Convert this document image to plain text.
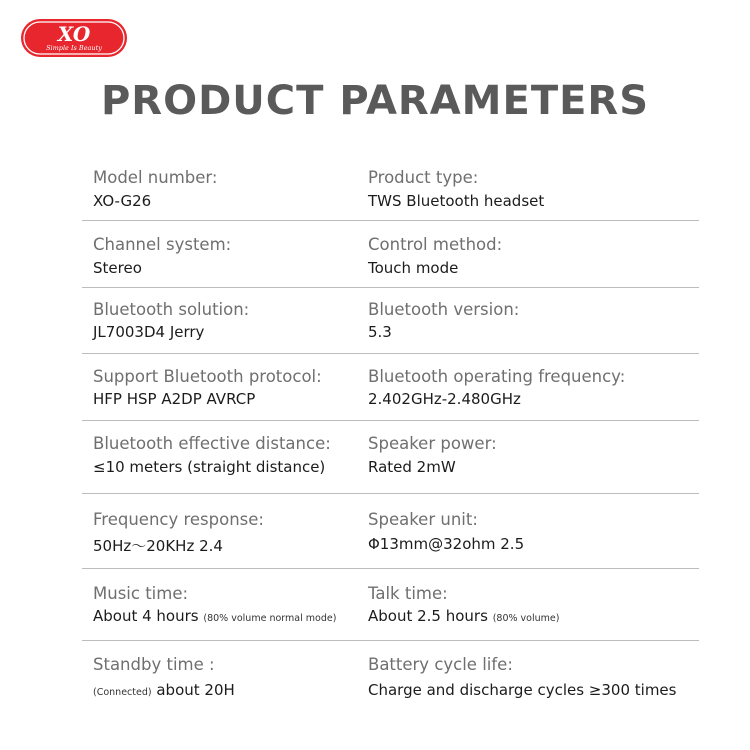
XO
Simple Is Beauty
PRODUCT PARAMETERS
Model number:
XO-G26
Product type:
TWS Bluetooth headset
Channel system:
Stereo
Control method:
Touch mode
Bluetooth solution:
JL7003D4 Jerry
Bluetooth version:
5.3
Support Bluetooth protocol:
HFP HSP A2DP AVRCP
Bluetooth operating frequency:
2.402GHz-2.480GHz
Bluetooth effective distance:
≤10 meters (straight distance)
Speaker power:
Rated 2mW
Frequency response:
50Hz～20KHz 2.4
Speaker unit:
Φ13mm@32ohm 2.5
Music time:
About 4 hours (80% volume normal mode)
Talk time:
About 2.5 hours (80% volume)
Standby time :
(Connected) about 20H
Battery cycle life:
Charge and discharge cycles ≥300 times
